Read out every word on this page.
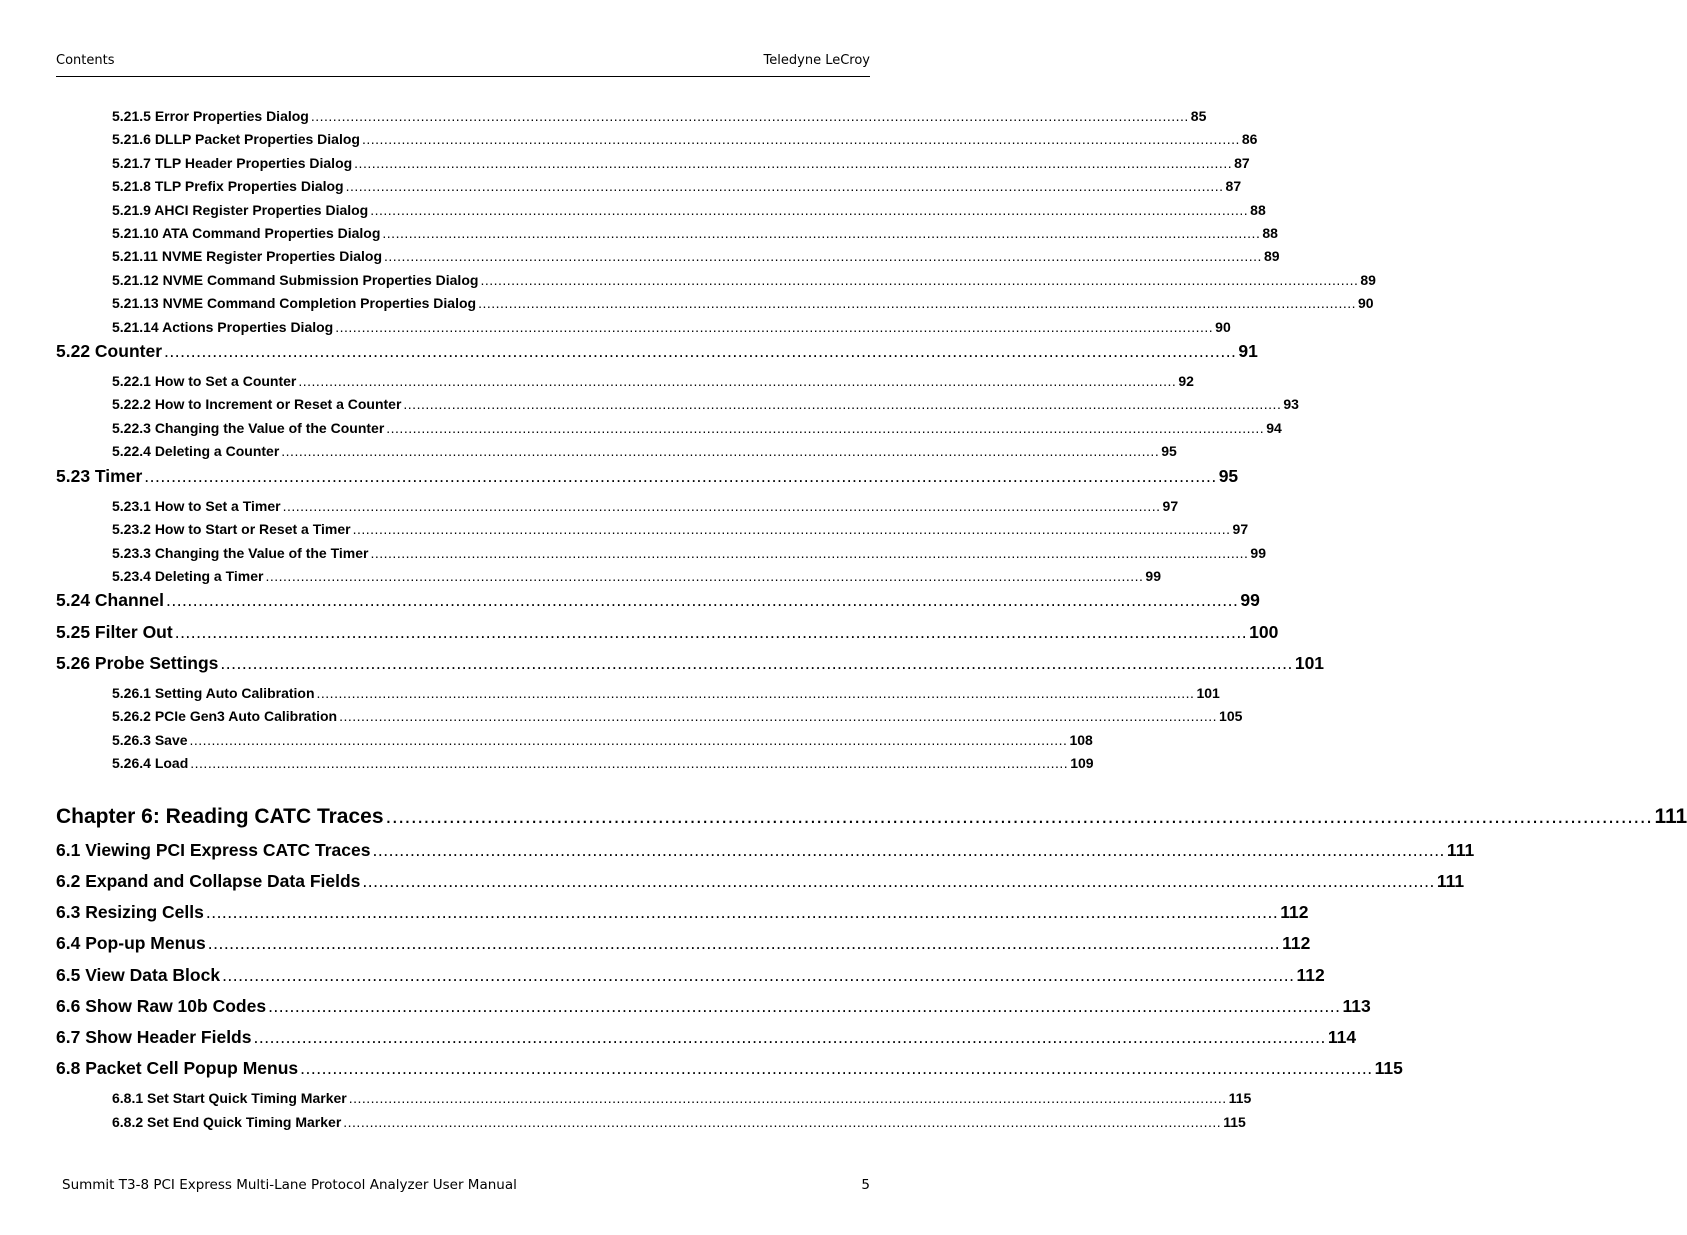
Contents	Teledyne LeCroy
5.21.5 Error Properties Dialog ........................................................................................................................................................................................................ 85
5.21.6 DLLP Packet Properties Dialog ........................................................................................................................................................................................................ 86
5.21.7 TLP Header Properties Dialog ........................................................................................................................................................................................................ 87
5.21.8 TLP Prefix Properties Dialog ........................................................................................................................................................................................................ 87
5.21.9 AHCI Register Properties Dialog ........................................................................................................................................................................................................ 88
5.21.10 ATA Command Properties Dialog ........................................................................................................................................................................................................ 88
5.21.11 NVME Register Properties Dialog ........................................................................................................................................................................................................ 89
5.21.12 NVME Command Submission Properties Dialog ........................................................................................................................................................................................................ 89
5.21.13 NVME Command Completion Properties Dialog ........................................................................................................................................................................................................ 90
5.21.14 Actions Properties Dialog ........................................................................................................................................................................................................ 90
5.22 Counter ........................................................................................................................................................................................................ 91
5.22.1 How to Set a Counter ........................................................................................................................................................................................................ 92
5.22.2 How to Increment or Reset a Counter ........................................................................................................................................................................................................ 93
5.22.3 Changing the Value of the Counter ........................................................................................................................................................................................................ 94
5.22.4 Deleting a Counter ........................................................................................................................................................................................................ 95
5.23 Timer ........................................................................................................................................................................................................ 95
5.23.1 How to Set a Timer ........................................................................................................................................................................................................ 97
5.23.2 How to Start or Reset a Timer ........................................................................................................................................................................................................ 97
5.23.3 Changing the Value of the Timer ........................................................................................................................................................................................................ 99
5.23.4 Deleting a Timer ........................................................................................................................................................................................................ 99
5.24 Channel ........................................................................................................................................................................................................ 99
5.25 Filter Out ........................................................................................................................................................................................................ 100
5.26 Probe Settings ........................................................................................................................................................................................................ 101
5.26.1 Setting Auto Calibration ........................................................................................................................................................................................................ 101
5.26.2 PCIe Gen3 Auto Calibration ........................................................................................................................................................................................................ 105
5.26.3 Save ........................................................................................................................................................................................................ 108
5.26.4 Load ........................................................................................................................................................................................................ 109
Chapter 6: Reading CATC Traces ........................................................................................................................................................................................................ 111
6.1 Viewing PCI Express CATC Traces ........................................................................................................................................................................................................ 111
6.2 Expand and Collapse Data Fields ........................................................................................................................................................................................................ 111
6.3 Resizing Cells ........................................................................................................................................................................................................ 112
6.4 Pop-up Menus ........................................................................................................................................................................................................ 112
6.5 View Data Block ........................................................................................................................................................................................................ 112
6.6 Show Raw 10b Codes ........................................................................................................................................................................................................ 113
6.7 Show Header Fields ........................................................................................................................................................................................................ 114
6.8 Packet Cell Popup Menus ........................................................................................................................................................................................................ 115
6.8.1 Set Start Quick Timing Marker ........................................................................................................................................................................................................ 115
6.8.2 Set End Quick Timing Marker ........................................................................................................................................................................................................ 115
Summit T3-8 PCI Express Multi-Lane Protocol Analyzer User Manual	5
